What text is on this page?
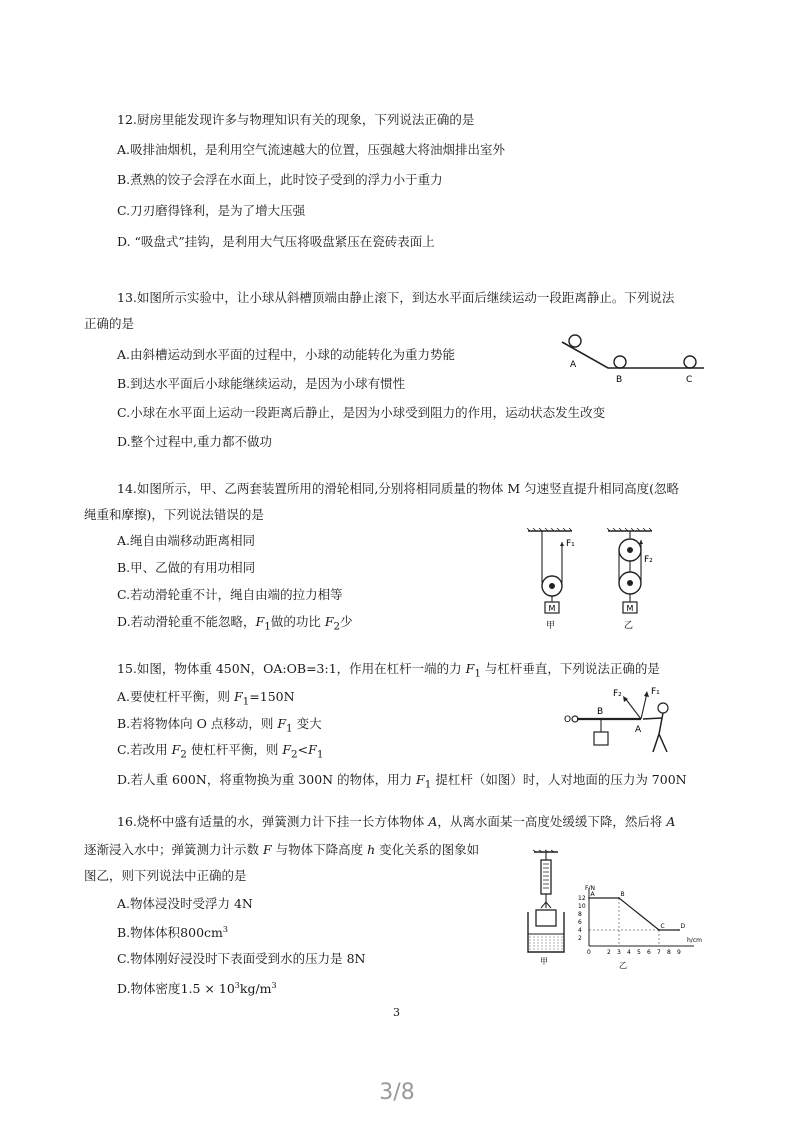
12.厨房里能发现许多与物理知识有关的现象，下列说法正确的是
A.吸排油烟机，是利用空气流速越大的位置，压强越大将油烟排出室外
B.煮熟的饺子会浮在水面上，此时饺子受到的浮力小于重力
C.刀刃磨得锋利，是为了增大压强
D. “吸盘式”挂钩，是利用大气压将吸盘紧压在瓷砖表面上
13.如图所示实验中，让小球从斜槽顶端由静止滚下，到达水平面后继续运动一段距离静止。下列说法
正确的是
A.由斜槽运动到水平面的过程中，小球的动能转化为重力势能
B.到达水平面后小球能继续运动，是因为小球有惯性
C.小球在水平面上运动一段距离后静止，是因为小球受到阻力的作用，运动状态发生改变
D.整个过程中,重力都不做功
A
B	C
14.如图所示，甲、乙两套装置所用的滑轮相同,分别将相同质量的物体 M 匀速竖直提升相同高度(忽略
绳重和摩擦)，下列说法错误的是
A.绳自由端移动距离相同
B.甲、乙做的有用功相同
C.若动滑轮重不计，绳自由端的拉力相等
D.若动滑轮重不能忽略，$F_1$做的功比 $F_2$少
M
F₁
甲
M
F₂
乙
15.如图，物体重 450N，OA:OB=3:1，作用在杠杆一端的力 $F_1$ 与杠杆垂直，下列说法正确的是
A.要使杠杆平衡，则 $F_1=150N$
B.若将物体向 O 点移动，则 $F_1$ 变大
C.若改用 $F_2$ 使杠杆平衡，则 $F_2<F_1$
D.若人重 600N，将重物换为重 300N 的物体，用力 $F_1$ 提杠杆（如图）时，人对地面的压力为 700N
O
B
A
F₁
F₂
16.烧杯中盛有适量的水，弹簧测力计下挂一长方体物体 A，从离水面某一高度处缓缓下降，然后将 A
逐渐浸入水中；弹簧测力计示数 F 与物体下降高度 h 变化关系的图象如
图乙，则下列说法中正确的是
A.物体浸没时受浮力 4N
B.物体体积$800cm^3$
C.物体刚好浸没时下表面受到水的压力是 8N
D.物体密度$1.5 \times 10^3kg/m^3$
甲
F/N
h/cm
12
10
8
6
4
2
0	2 3 4 5 6 7 8 9
A	B
C	D
乙
3
3/8
